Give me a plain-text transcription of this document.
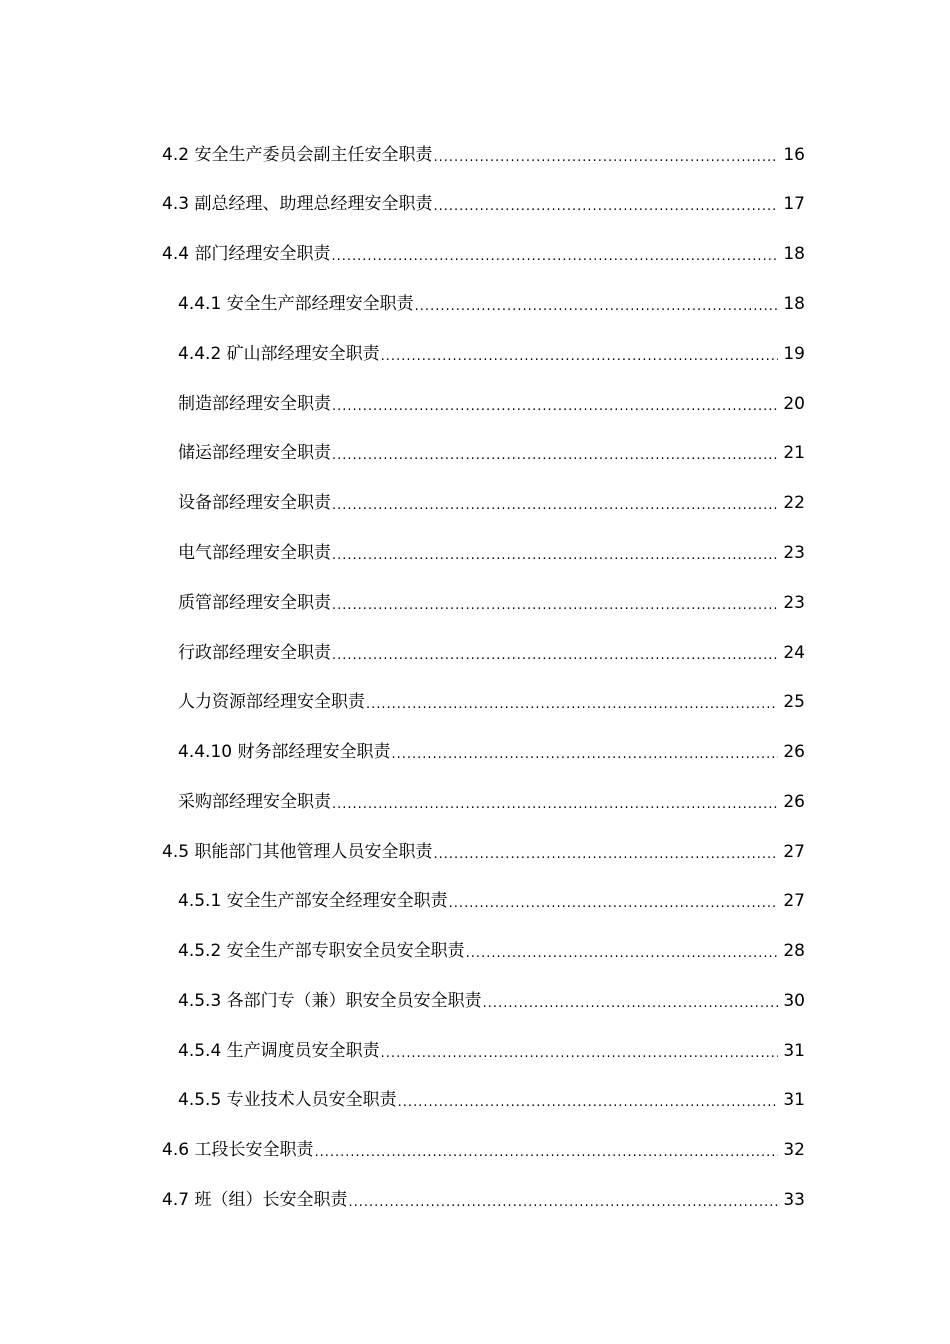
4.2 安全生产委员会副主任安全职责 .....	16
4.3 副总经理、助理总经理安全职责 .....	17
4.4 部门经理安全职责 .....	18
4.4.1 安全生产部经理安全职责 .....	18
4.4.2 矿山部经理安全职责 .....	19
制造部经理安全职责 .....	20
储运部经理安全职责 .....	21
设备部经理安全职责 .....	22
电气部经理安全职责 .....	23
质管部经理安全职责 .....	23
行政部经理安全职责 .....	24
人力资源部经理安全职责 .....	25
4.4.10 财务部经理安全职责 .....	26
采购部经理安全职责 .....	26
4.5 职能部门其他管理人员安全职责 .....	27
4.5.1 安全生产部安全经理安全职责 .....	27
4.5.2 安全生产部专职安全员安全职责 .....	28
4.5.3 各部门专（兼）职安全员安全职责 .....	30
4.5.4 生产调度员安全职责 .....	31
4.5.5 专业技术人员安全职责 .....	31
4.6 工段长安全职责 .....	32
4.7 班（组）长安全职责 .....	33
